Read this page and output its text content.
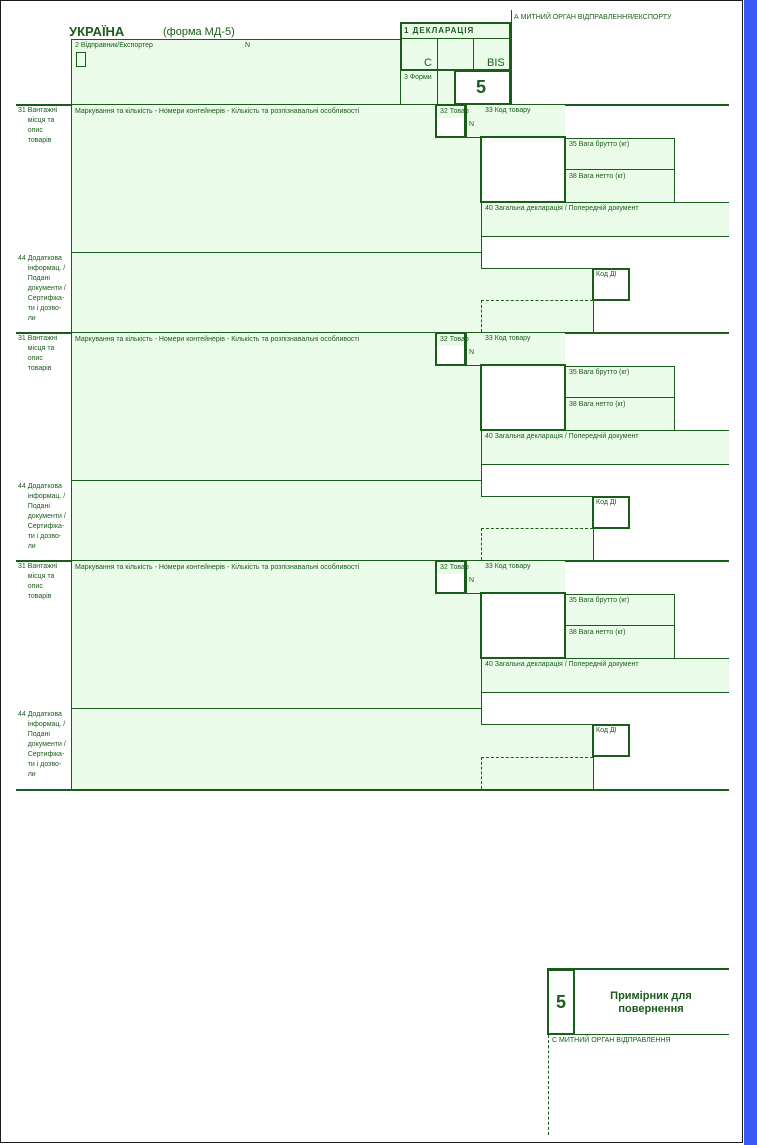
УКРАЇНА	(форма МД-5)
2 Відправник/Експортер	N
1 ДЕКЛАРАЦІЯ
C	BIS
3 Форми 5
А МИТНИЙ ОРГАН ВІДПРАВЛЕННЯ/ЕКСПОРТУ
31 Вантажні
місця та
опис
товарів
Маркування та кількість - Номери контейнерів - Кількість та розпізнавальні особливості	32 Товар
N
33 Код товару
35 Вага брутто (кг)
38 Вага нетто (кг)
40 Загальна декларація / Попередній документ
44 Додаткова
інформац. /
Подані
документи /
Сертифіка-
ти і дозво-
ли
Код ДІ
31 Вантажні
місця та
опис
товарів
Маркування та кількість - Номери контейнерів - Кількість та розпізнавальні особливості	32 Товар
N
33 Код товару
35 Вага брутто (кг)
38 Вага нетто (кг)
40 Загальна декларація / Попередній документ
44 Додаткова
інформац. /
Подані
документи /
Сертифіка-
ти і дозво-
ли
Код ДІ
31 Вантажні
місця та
опис
товарів
Маркування та кількість - Номери контейнерів - Кількість та розпізнавальні особливості	32 Товар
N
33 Код товару
35 Вага брутто (кг)
38 Вага нетто (кг)
40 Загальна декларація / Попередній документ
44 Додаткова
інформац. /
Подані
документи /
Сертифіка-
ти і дозво-
ли
Код ДІ
5	Примірник для
повернення
С МИТНИЙ ОРГАН ВІДПРАВЛЕННЯ
